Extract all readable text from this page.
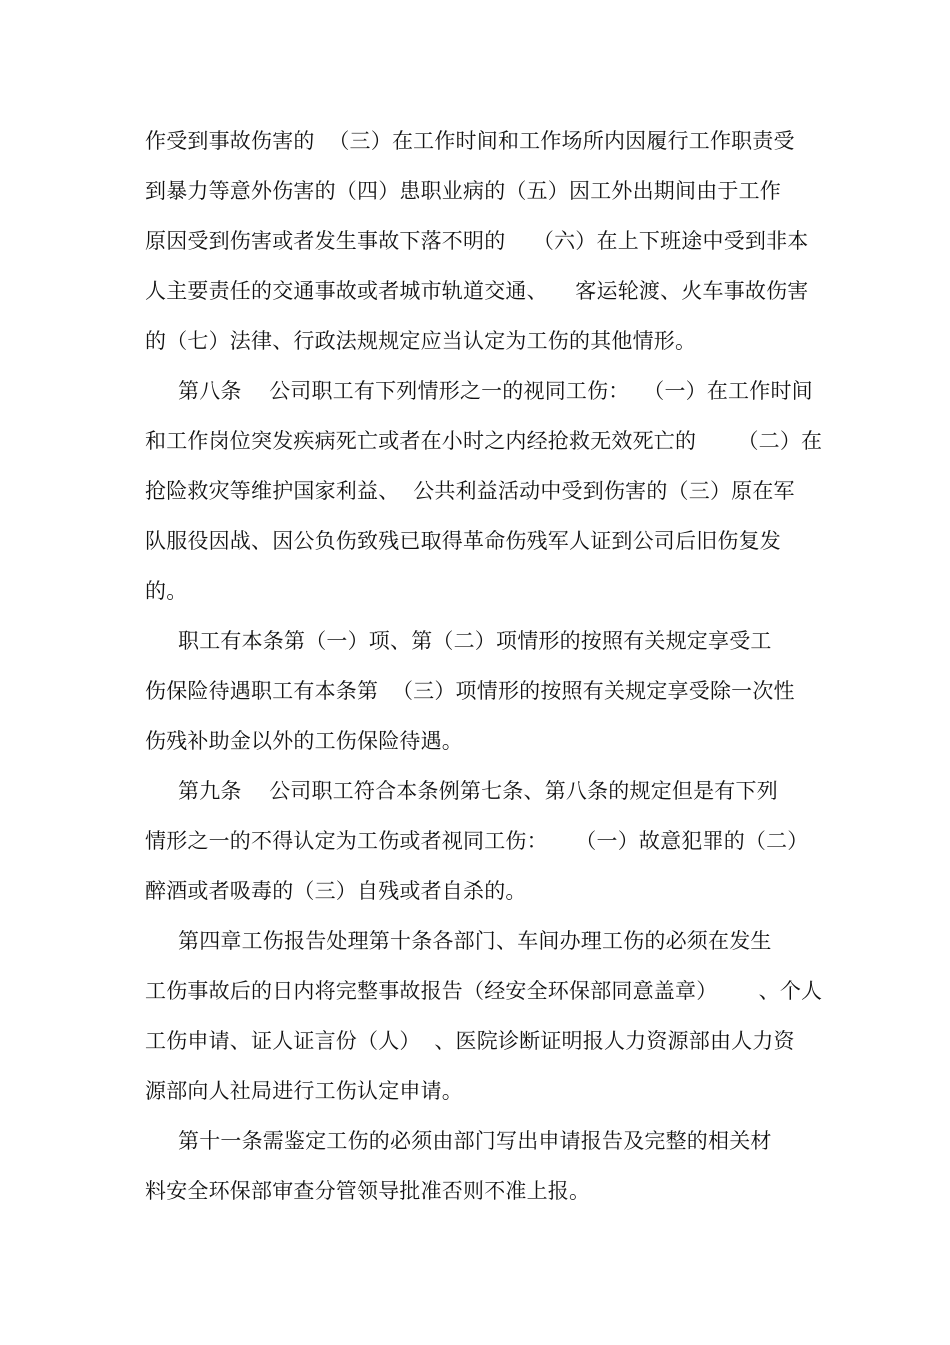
作受到事故伤害的  （三）在工作时间和工作场所内因履行工作职责受
到暴力等意外伤害的（四）患职业病的（五）因工外出期间由于工作
原因受到伤害或者发生事故下落不明的    （六）在上下班途中受到非本
人主要责任的交通事故或者城市轨道交通、    客运轮渡、火车事故伤害
的（七）法律、行政法规规定应当认定为工伤的其他情形。
第八条    公司职工有下列情形之一的视同工伤：  （一）在工作时间
和工作岗位突发疾病死亡或者在小时之内经抢救无效死亡的      （二）在
抢险救灾等维护国家利益、  公共利益活动中受到伤害的（三）原在军
队服役因战、因公负伤致残已取得革命伤残军人证到公司后旧伤复发
的。
职工有本条第（一）项、第（二）项情形的按照有关规定享受工
伤保险待遇职工有本条第  （三）项情形的按照有关规定享受除一次性
伤残补助金以外的工伤保险待遇。
第九条    公司职工符合本条例第七条、第八条的规定但是有下列
情形之一的不得认定为工伤或者视同工伤：    （一）故意犯罪的（二）
醉酒或者吸毒的（三）自残或者自杀的。
第四章工伤报告处理第十条各部门、车间办理工伤的必须在发生
工伤事故后的日内将完整事故报告（经安全环保部同意盖章）      、个人
工伤申请、证人证言份（人）  、医院诊断证明报人力资源部由人力资
源部向人社局进行工伤认定申请。
第十一条需鉴定工伤的必须由部门写出申请报告及完整的相关材
料安全环保部审查分管领导批准否则不准上报。
